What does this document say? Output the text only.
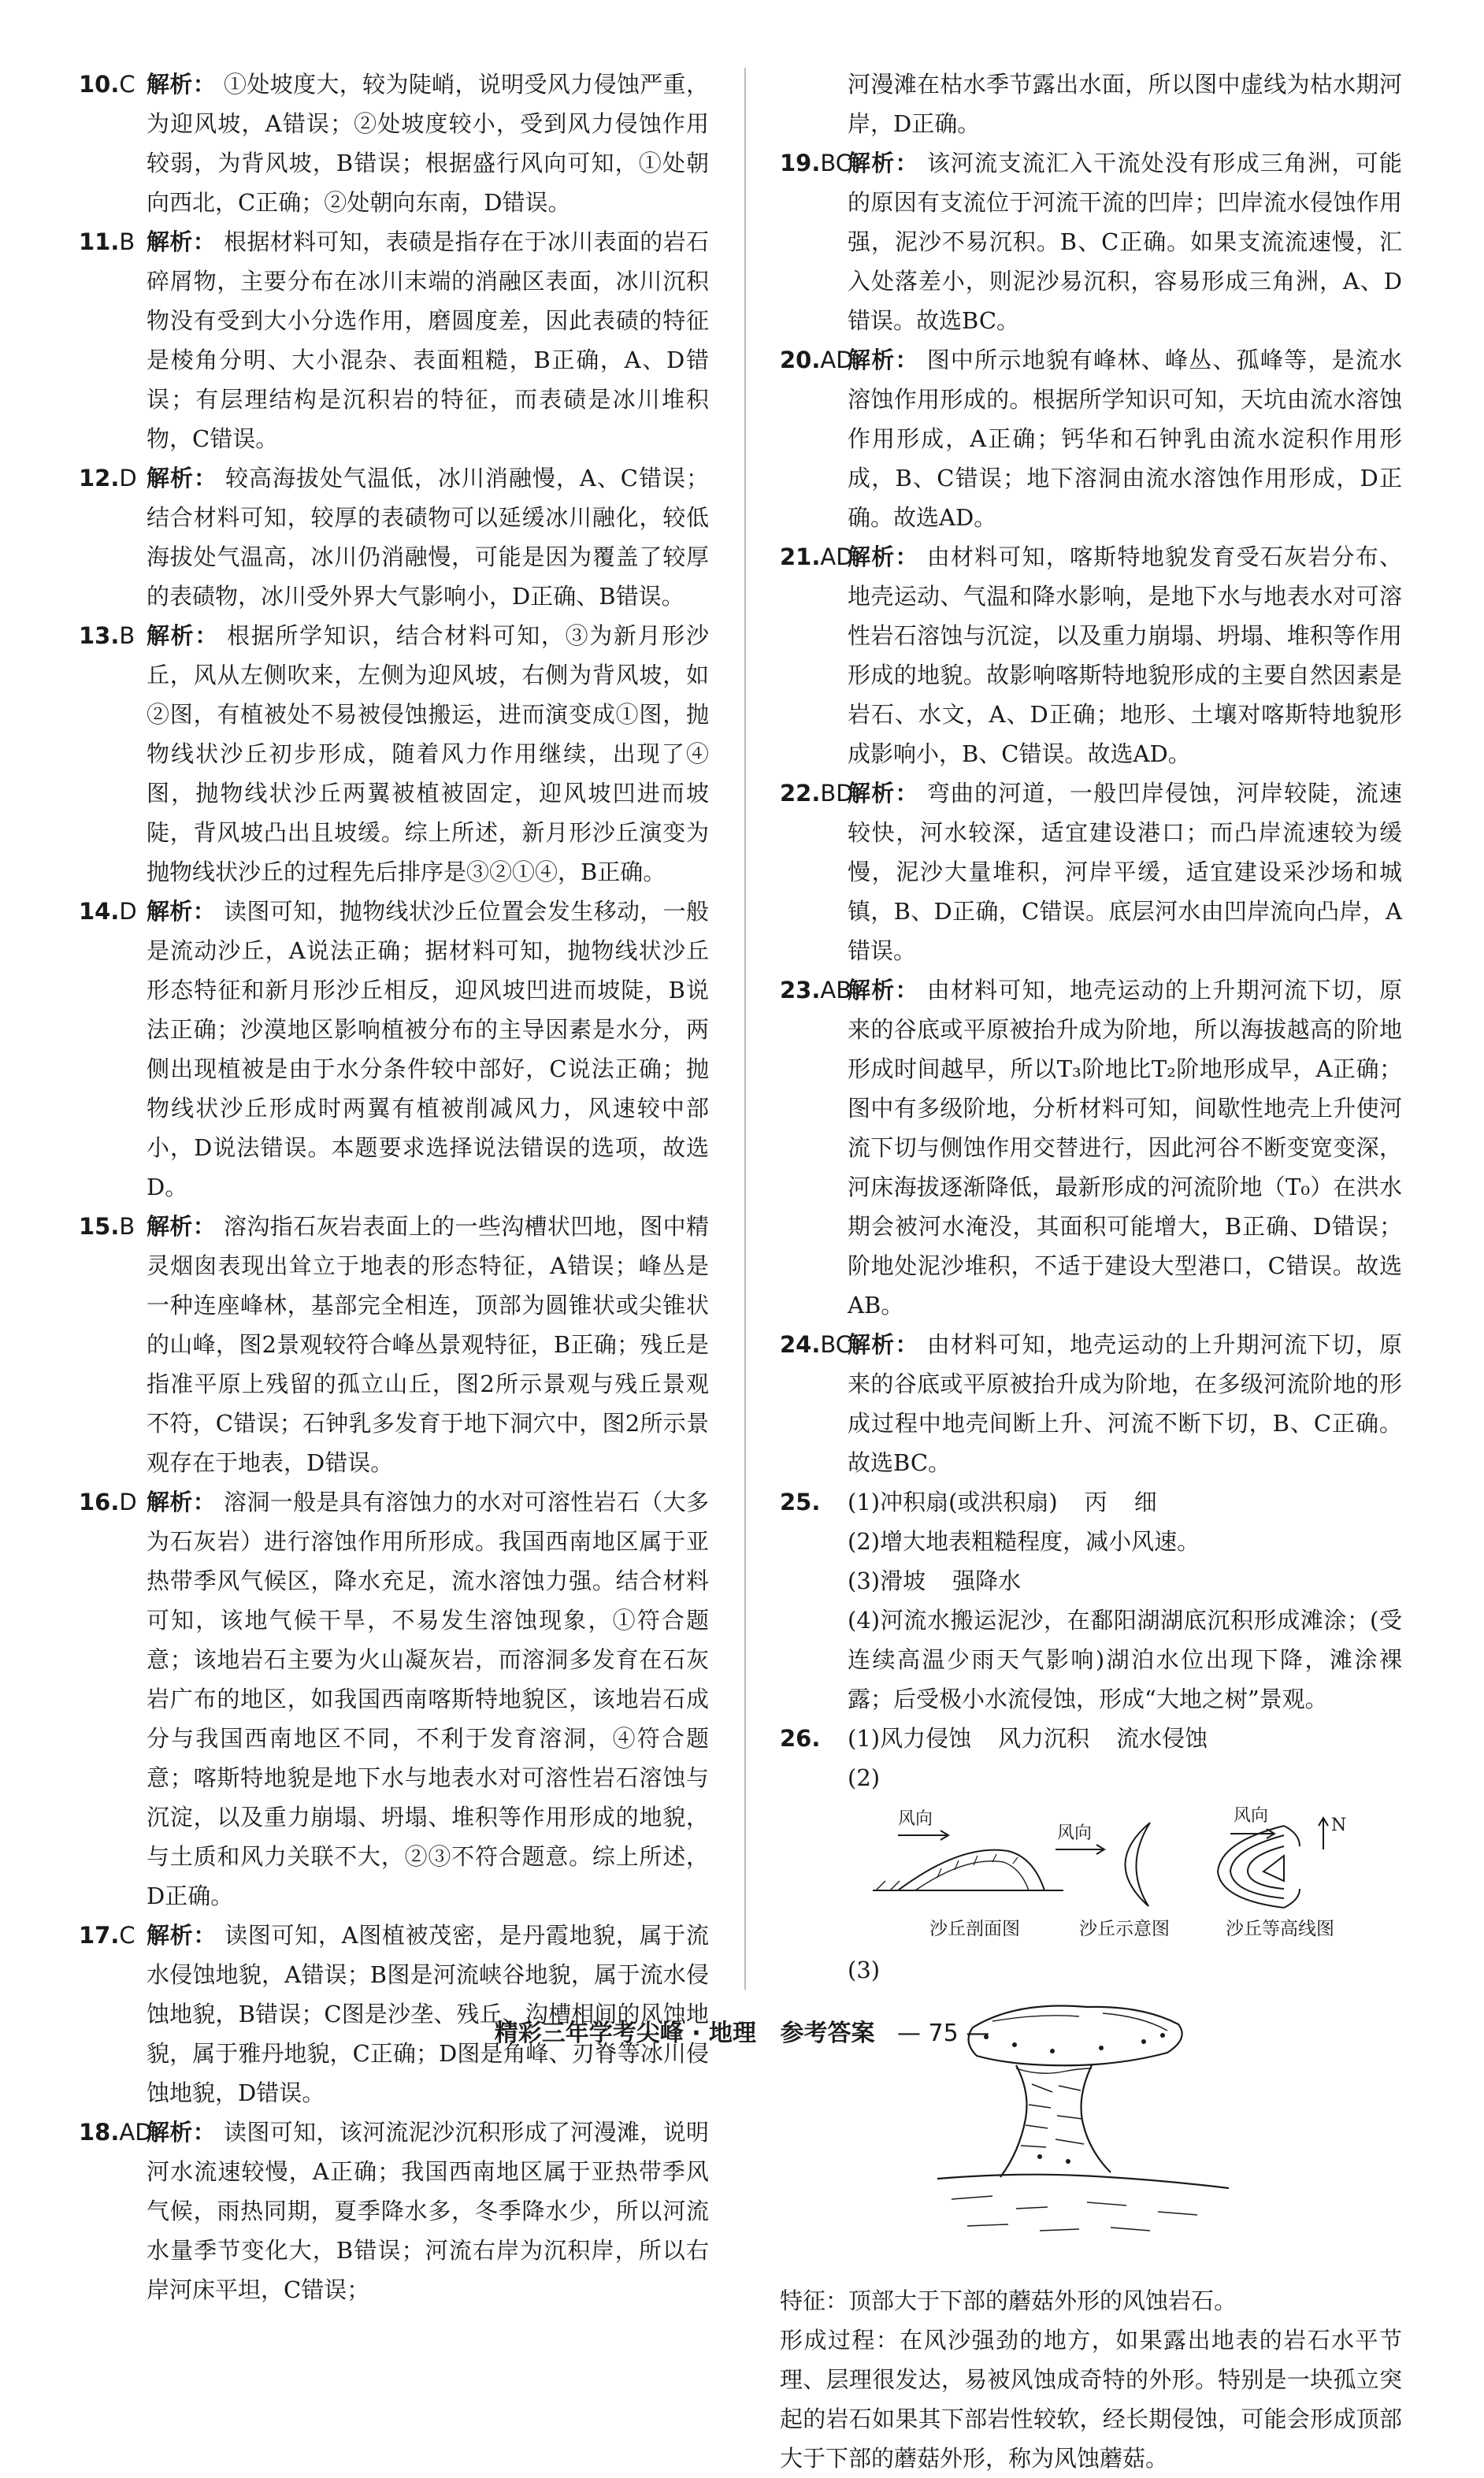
10.C 解析： ①处坡度大，较为陡峭，说明受风力侵蚀严重，为迎风坡，A错误；②处坡度较小，受到风力侵蚀作用较弱，为背风坡，B错误；根据盛行风向可知，①处朝向西北，C正确；②处朝向东南，D错误。
11.B 解析： 根据材料可知，表碛是指存在于冰川表面的岩石碎屑物，主要分布在冰川末端的消融区表面，冰川沉积物没有受到大小分选作用，磨圆度差，因此表碛的特征是棱角分明、大小混杂、表面粗糙，B正确，A、D错误；有层理结构是沉积岩的特征，而表碛是冰川堆积物，C错误。
12.D 解析： 较高海拔处气温低，冰川消融慢，A、C错误；结合材料可知，较厚的表碛物可以延缓冰川融化，较低海拔处气温高，冰川仍消融慢，可能是因为覆盖了较厚的表碛物，冰川受外界大气影响小，D正确、B错误。
13.B 解析： 根据所学知识，结合材料可知，③为新月形沙丘，风从左侧吹来，左侧为迎风坡，右侧为背风坡，如②图，有植被处不易被侵蚀搬运，进而演变成①图，抛物线状沙丘初步形成，随着风力作用继续，出现了④图，抛物线状沙丘两翼被植被固定，迎风坡凹进而坡陡，背风坡凸出且坡缓。综上所述，新月形沙丘演变为抛物线状沙丘的过程先后排序是③②①④，B正确。
14.D 解析： 读图可知，抛物线状沙丘位置会发生移动，一般是流动沙丘，A说法正确；据材料可知，抛物线状沙丘形态特征和新月形沙丘相反，迎风坡凹进而坡陡，B说法正确；沙漠地区影响植被分布的主导因素是水分，两侧出现植被是由于水分条件较中部好，C说法正确；抛物线状沙丘形成时两翼有植被削减风力，风速较中部小，D说法错误。本题要求选择说法错误的选项，故选D。
15.B 解析： 溶沟指石灰岩表面上的一些沟槽状凹地，图中精灵烟囱表现出耸立于地表的形态特征，A错误；峰丛是一种连座峰林，基部完全相连，顶部为圆锥状或尖锥状的山峰，图2景观较符合峰丛景观特征，B正确；残丘是指准平原上残留的孤立山丘，图2所示景观与残丘景观不符，C错误；石钟乳多发育于地下洞穴中，图2所示景观存在于地表，D错误。
16.D 解析： 溶洞一般是具有溶蚀力的水对可溶性岩石（大多为石灰岩）进行溶蚀作用所形成。我国西南地区属于亚热带季风气候区，降水充足，流水溶蚀力强。结合材料可知，该地气候干旱，不易发生溶蚀现象，①符合题意；该地岩石主要为火山凝灰岩，而溶洞多发育在石灰岩广布的地区，如我国西南喀斯特地貌区，该地岩石成分与我国西南地区不同，不利于发育溶洞，④符合题意；喀斯特地貌是地下水与地表水对可溶性岩石溶蚀与沉淀，以及重力崩塌、坍塌、堆积等作用形成的地貌，与土质和风力关联不大，②③不符合题意。综上所述，D正确。
17.C 解析： 读图可知，A图植被茂密，是丹霞地貌，属于流水侵蚀地貌，A错误；B图是河流峡谷地貌，属于流水侵蚀地貌，B错误；C图是沙垄、残丘、沟槽相间的风蚀地貌，属于雅丹地貌，C正确；D图是角峰、刃脊等冰川侵蚀地貌，D错误。
18.AD
解析： 读图可知，该河流泥沙沉积形成了河漫滩，说明河水流速较慢，A正确；我国西南地区属于亚热带季风气候，雨热同期，夏季降水多，冬季降水少，所以河流水量季节变化大，B错误；河流右岸为沉积岸，所以右岸河床平坦，C错误；
河漫滩在枯水季节露出水面，所以图中虚线为枯水期河岸，D正确。
19.BC
解析： 该河流支流汇入干流处没有形成三角洲，可能的原因有支流位于河流干流的凹岸；凹岸流水侵蚀作用强，泥沙不易沉积。B、C正确。如果支流流速慢，汇入处落差小，则泥沙易沉积，容易形成三角洲，A、D错误。故选BC。
20.AD
解析： 图中所示地貌有峰林、峰丛、孤峰等，是流水溶蚀作用形成的。根据所学知识可知，天坑由流水溶蚀作用形成，A正确；钙华和石钟乳由流水淀积作用形成，B、C错误；地下溶洞由流水溶蚀作用形成，D正确。故选AD。
21.AD
解析： 由材料可知，喀斯特地貌发育受石灰岩分布、地壳运动、气温和降水影响，是地下水与地表水对可溶性岩石溶蚀与沉淀，以及重力崩塌、坍塌、堆积等作用形成的地貌。故影响喀斯特地貌形成的主要自然因素是岩石、水文，A、D正确；地形、土壤对喀斯特地貌形成影响小，B、C错误。故选AD。
22.BD
解析： 弯曲的河道，一般凹岸侵蚀，河岸较陡，流速较快，河水较深，适宜建设港口；而凸岸流速较为缓慢，泥沙大量堆积，河岸平缓，适宜建设采沙场和城镇，B、D正确，C错误。底层河水由凹岸流向凸岸，A错误。
23.AB
解析： 由材料可知，地壳运动的上升期河流下切，原来的谷底或平原被抬升成为阶地，所以海拔越高的阶地形成时间越早，所以T₃阶地比T₂阶地形成早，A正确；图中有多级阶地，分析材料可知，间歇性地壳上升使河流下切与侧蚀作用交替进行，因此河谷不断变宽变深，河床海拔逐渐降低，最新形成的河流阶地（T₀）在洪水期会被河水淹没，其面积可能增大，B正确、D错误；阶地处泥沙堆积，不适于建设大型港口，C错误。故选AB。
24.BC
解析： 由材料可知，地壳运动的上升期河流下切，原来的谷底或平原被抬升成为阶地，在多级河流阶地的形成过程中地壳间断上升、河流不断下切，B、C正确。故选BC。
25. (1)冲积扇(或洪积扇) 丙 细
(2)增大地表粗糙程度，减小风速。
(3)滑坡 强降水
(4)河流水搬运泥沙，在鄱阳湖湖底沉积形成滩涂；(受连续高温少雨天气影响)湖泊水位出现下降，滩涂裸露；后受极小水流侵蚀，形成“大地之树”景观。
26. (1)风力侵蚀 风力沉积 流水侵蚀
(2)
风向
风向
风向	N
沙丘剖面图	沙丘示意图	沙丘等高线图
(3)
特征：顶部大于下部的蘑菇外形的风蚀岩石。
形成过程：在风沙强劲的地方，如果露出地表的岩石水平节理、层理很发达，易被风蚀成奇特的外形。特别是一块孤立突起的岩石如果其下部岩性较软，经长期侵蚀，可能会形成顶部大于下部的蘑菇外形，称为风蚀蘑菇。
精彩三年学考尖峰 · 地理 参考答案 — 75 —
